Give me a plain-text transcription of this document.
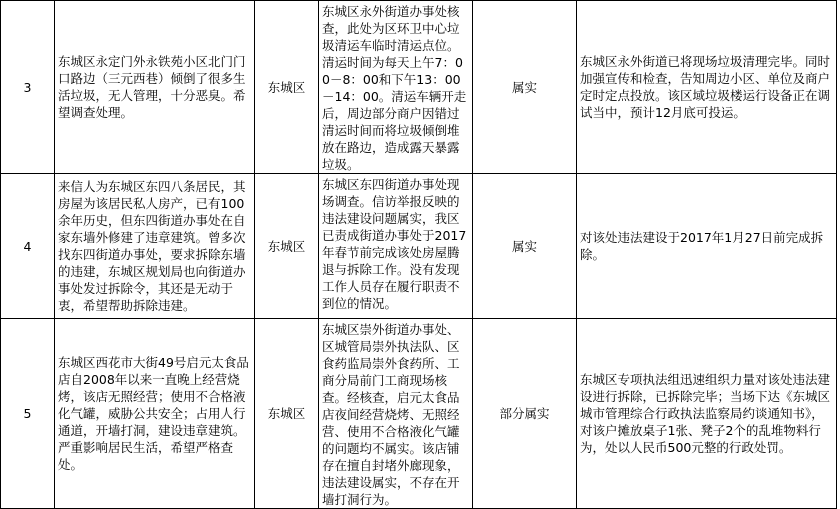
3	东城区永定门外永铁苑小区北门门口路边（三元西巷）倾倒了很多生活垃圾，无人管理，十分恶臭。希望调查处理。	东城区	东城区永外街道办事处核查，此处为区环卫中心垃圾清运车临时清运点位。清运时间为每天上午7：00－8：00和下午13：00－14：00。清运车辆开走后，周边部分商户因错过清运时间而将垃圾倾倒堆放在路边，造成露天暴露垃圾。	属实	东城区永外街道已将现场垃圾清理完毕。同时加强宣传和检查，告知周边小区、单位及商户定时定点投放。该区域垃圾楼运行设备正在调试当中，预计12月底可投运。
4	来信人为东城区东四八条居民，其房屋为该居民私人房产，已有100余年历史，但东四街道办事处在自家东墙外修建了违章建筑。曾多次找东四街道办事处，要求拆除东墙的违建，东城区规划局也向街道办事处发过拆除令，其还是无动于衷，希望帮助拆除违建。	东城区	东城区东四街道办事处现场调查。信访举报反映的违法建设问题属实，我区已责成街道办事处于2017年春节前完成该处房屋腾退与拆除工作。没有发现工作人员存在履行职责不到位的情况。	属实	对该处违法建设于2017年1月27日前完成拆除。
5	东城区西花市大街49号启元太食品店自2008年以来一直晚上经营烧烤，该店无照经营；使用不合格液化气罐，威胁公共安全；占用人行通道，开墙打洞，建设违章建筑。严重影响居民生活，希望严格查处。	东城区	东城区崇外街道办事处、区城管局崇外执法队、区食药监局崇外食药所、工商分局前门工商现场核查。经核查，启元太食品店夜间经营烧烤、无照经营、使用不合格液化气罐的问题均不属实。该店铺存在擅自封堵外廊现象，违法建设属实，不存在开墙打洞行为。	部分属实	东城区专项执法组迅速组织力量对该处违法建设进行拆除，已拆除完毕；当场下达《东城区城市管理综合行政执法监察局约谈通知书》，对该户摊放桌子1张、凳子2个的乱堆物料行为，处以人民币500元整的行政处罚。
